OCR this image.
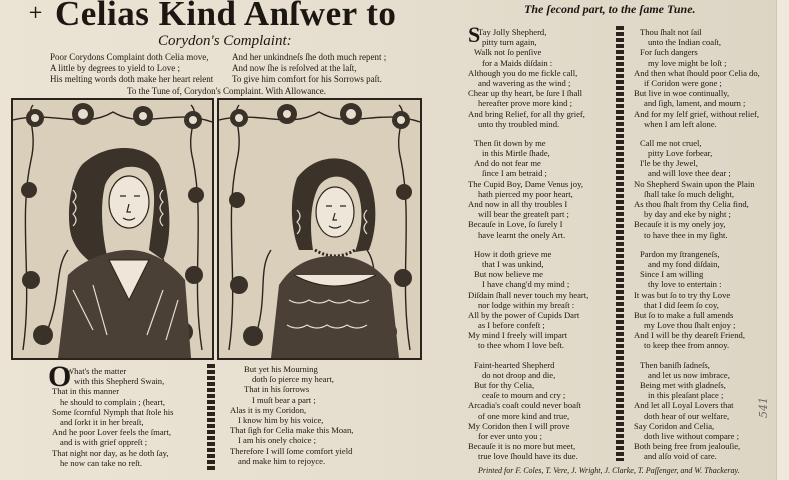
+ Celias Kind Anſwer to
Corydon's Complaint:
Poor Corydons Complaint doth Celia move,
A little by degrees to yield to Love ;
His melting words doth make her heart relent
And her unkindneſs ſhe doth much repent ;
And now ſhe is reſolved at the laſt,
To give him comfort for his Sorrows paſt.
To the Tune of, Corydon's Complaint. With Allowance.
O
What's the matter
with this Shepherd Swain,
That in this manner
he should to complain ; (heart,
Some ſcornful Nymph that ſtole his
and ſorkt it in her breaſt,
And he poor Lover feels the ſmart,
and is with grief oppreſt ;
That night nor day, as he doth ſay,
he now can take no reſt.
But yet his Mourning
doth ſo pierce my heart,
That in his ſorrows
I muſt bear a part ;
Alas it is my Coridon,
I know him by his voice,
That ſigh for Celia make this Moan,
I am his onely choice ;
Therefore I will ſome comfort yield
and make him to rejoyce.
The ſecond part, to the ſame Tune.
S
Tay Jolly Shepherd,
pitty turn again,
Walk not ſo penſive
for a Maids diſdain :
Although you do me fickle call,
and wavering as the wind ;
Chear up thy heart, be ſure I ſhall
hereafter prove more kind ;
And bring Relief, for all thy grief,
unto thy troubled mind.
Then ſit down by me
in this Mirtle ſhade,
And do not fear me
ſince I am betraid ;
The Cupid Boy, Dame Venus joy,
hath pierced my poor heart,
And now in all thy troubles I
will bear the greateſt part ;
Becauſe in Love, ſo ſurely I
have learnt the onely Art.
How it doth grieve me
that I was unkind,
But now believe me
I have chang'd my mind ;
Diſdain ſhall never touch my heart,
nor lodge within my breaſt :
All by the power of Cupids Dart
as I before confeſt ;
My mind I freely will impart
to thee whom I love beſt.
Faint-hearted Shepherd
do not droop and die,
But for thy Celia,
ceaſe to mourn and cry ;
Arcadia's coaſt could never boaſt
of one more kind and true,
My Coridon then I will prove
for ever unto you ;
Becauſe it is no more but meet,
true love ſhould have its due.
Thou ſhalt not ſail
unto the Indian coaſt,
For ſuch dangers
my love might be loſt ;
And then what ſhould poor Celia do,
if Coridon were gone ;
But live in woe continually,
and ſigh, lament, and mourn ;
And for my ſelf grief, without relief,
when I am left alone.
Call me not cruel,
pitty Love forbear,
I'le be thy Jewel,
and will love thee dear ;
No Shepherd Swain upon the Plain
ſhall take ſo much delight,
As thou ſhalt from thy Celia find,
by day and eke by night ;
Becauſe it is my onely joy,
to have thee in my ſight.
Pardon my ſtrangeneſs,
and my fond diſdain,
Since I am willing
thy love to entertain :
It was but ſo to try thy Love
that I did ſeem ſo coy,
But ſo to make a full amends
my Love thou ſhalt enjoy ;
And I will be thy deareſt Friend,
to keep thee from annoy.
Then baniſh ſadneſs,
and let us now imbrace,
Being met with gladneſs,
in this pleaſant place ;
And let all Loyal Lovers that
doth hear of our welfare,
Say Coridon and Celia,
doth live without compare ;
Both being free from jealouſie,
and alſo void of care.
Printed for F. Coles, T. Vere, J. Wright, J. Clarke, T. Paſſenger, and W. Thackeray.
541
